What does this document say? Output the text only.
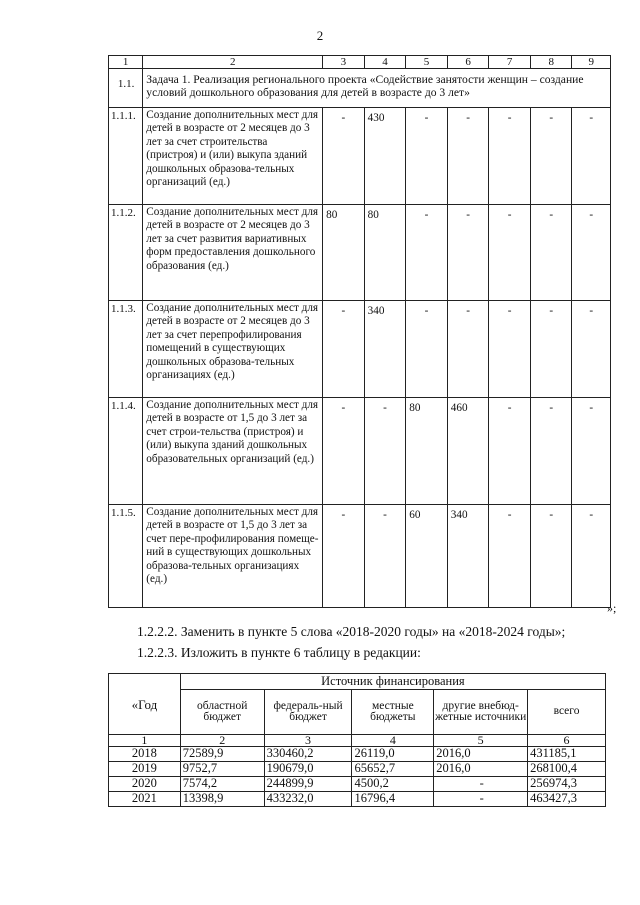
2
1	2	3	4	5	6	7	8	9
1.1.	Задача 1. Реализация регионального проекта «Содействие занятости женщин – создание условий дошкольного образования для детей в возрасте до 3 лет»							
1.1.1.	Создание дополнительных мест для детей в возрасте от 2 месяцев до 3 лет за счет строительства (пристроя) и (или) выкупа зданий дошкольных образова-тельных организаций (ед.)	-	430	-	-	-	-	-
1.1.2.	Создание дополнительных мест для детей в возрасте от 2 месяцев до 3 лет за счет развития вариативных форм предоставления дошкольного образования (ед.)	80	80	-	-	-	-	-
1.1.3.	Создание дополнительных мест для детей в возрасте от 2 месяцев до 3 лет за счет перепрофилирования помещений в существующих дошкольных образова-тельных организациях (ед.)	-	340	-	-	-	-	-
1.1.4.	Создание дополнительных мест для детей в возрасте от 1,5 до 3 лет за счет строи-тельства (пристроя) и (или) выкупа зданий дошкольных образовательных организаций (ед.)	-	-	80	460	-	-	-
1.1.5.	Создание дополнительных мест для детей в возрасте от 1,5 до 3 лет за счет пере-профилирования помеще-ний в существующих дошкольных образова-тельных организациях (ед.)	-	-	60	340	-	-	-
»;
1.2.2.2. Заменить в пункте 5 слова «2018-2020 годы» на «2018-2024 годы»;
1.2.2.3. Изложить в пункте 6 таблицу в редакции:
«Год	Источник финансирования				
	областной бюджет	федераль-ный бюджет	местные бюджеты	другие внебюд-жетные источники	всего
1	2	3	4	5	6
2018	72589,9	330460,2	26119,0	2016,0	431185,1
2019	9752,7	190679,0	65652,7	2016,0	268100,4
2020	7574,2	244899,9	4500,2	-	256974,3
2021	13398,9	433232,0	16796,4	-	463427,3
